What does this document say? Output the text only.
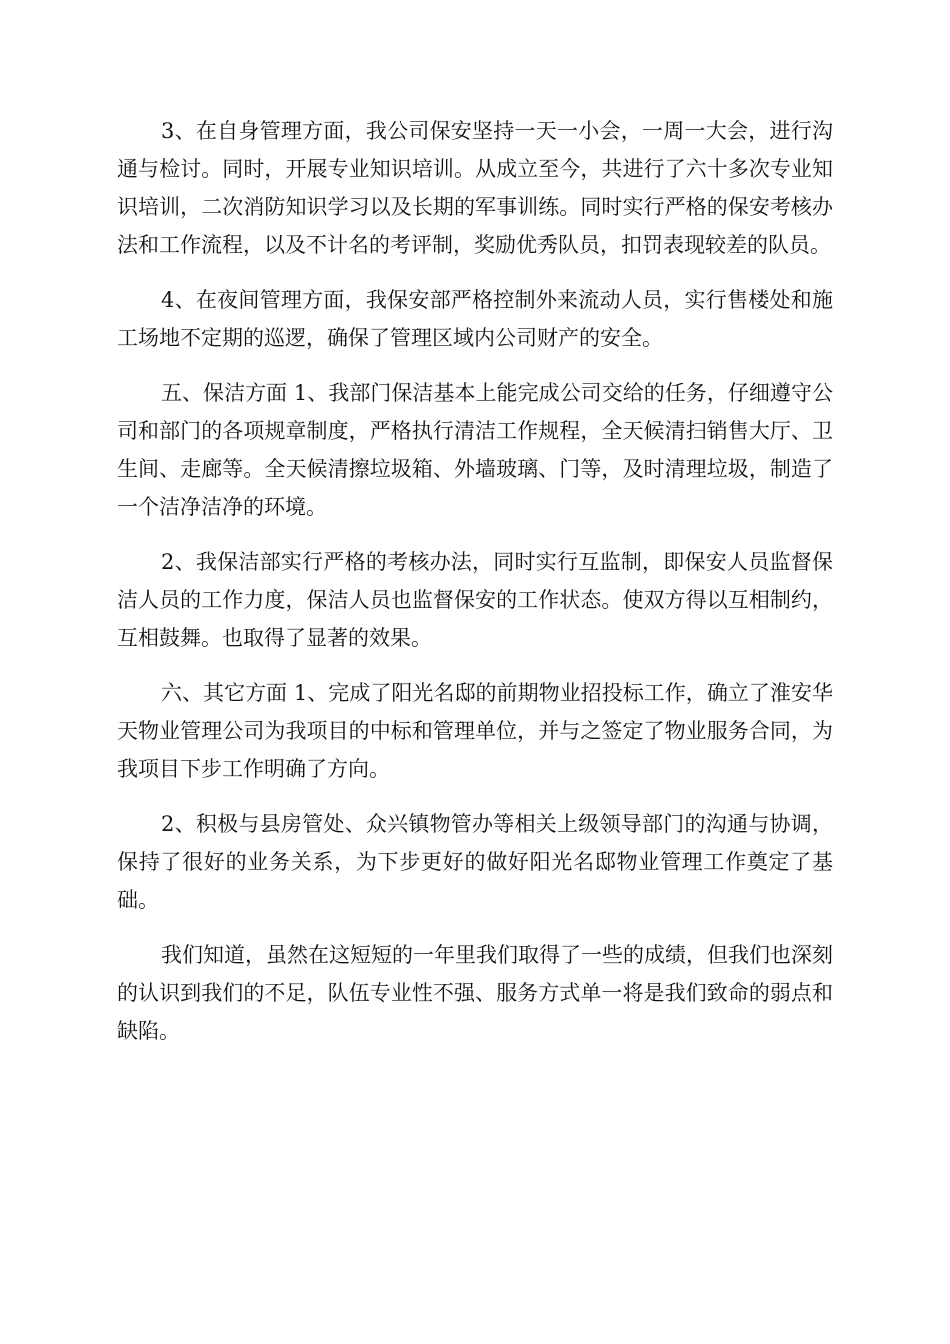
3、在自身管理方面，我公司保安坚持一天一小会，一周一大会，进行沟通与检讨。同时，开展专业知识培训。从成立至今，共进行了六十多次专业知识培训，二次消防知识学习以及长期的军事训练。同时实行严格的保安考核办法和工作流程，以及不计名的考评制，奖励优秀队员，扣罚表现较差的队员。

4、在夜间管理方面，我保安部严格控制外来流动人员，实行售楼处和施工场地不定期的巡逻，确保了管理区域内公司财产的安全。

五、保洁方面 1、我部门保洁基本上能完成公司交给的任务，仔细遵守公司和部门的各项规章制度，严格执行清洁工作规程，全天候清扫销售大厅、卫生间、走廊等。全天候清擦垃圾箱、外墙玻璃、门等，及时清理垃圾，制造了一个洁净洁净的环境。

2、我保洁部实行严格的考核办法，同时实行互监制，即保安人员监督保洁人员的工作力度，保洁人员也监督保安的工作状态。使双方得以互相制约，互相鼓舞。也取得了显著的效果。

六、其它方面 1、完成了阳光名邸的前期物业招投标工作，确立了淮安华天物业管理公司为我项目的中标和管理单位，并与之签定了物业服务合同，为我项目下步工作明确了方向。

2、积极与县房管处、众兴镇物管办等相关上级领导部门的沟通与协调，保持了很好的业务关系，为下步更好的做好阳光名邸物业管理工作奠定了基础。

我们知道，虽然在这短短的一年里我们取得了一些的成绩，但我们也深刻的认识到我们的不足，队伍专业性不强、服务方式单一将是我们致命的弱点和缺陷。
